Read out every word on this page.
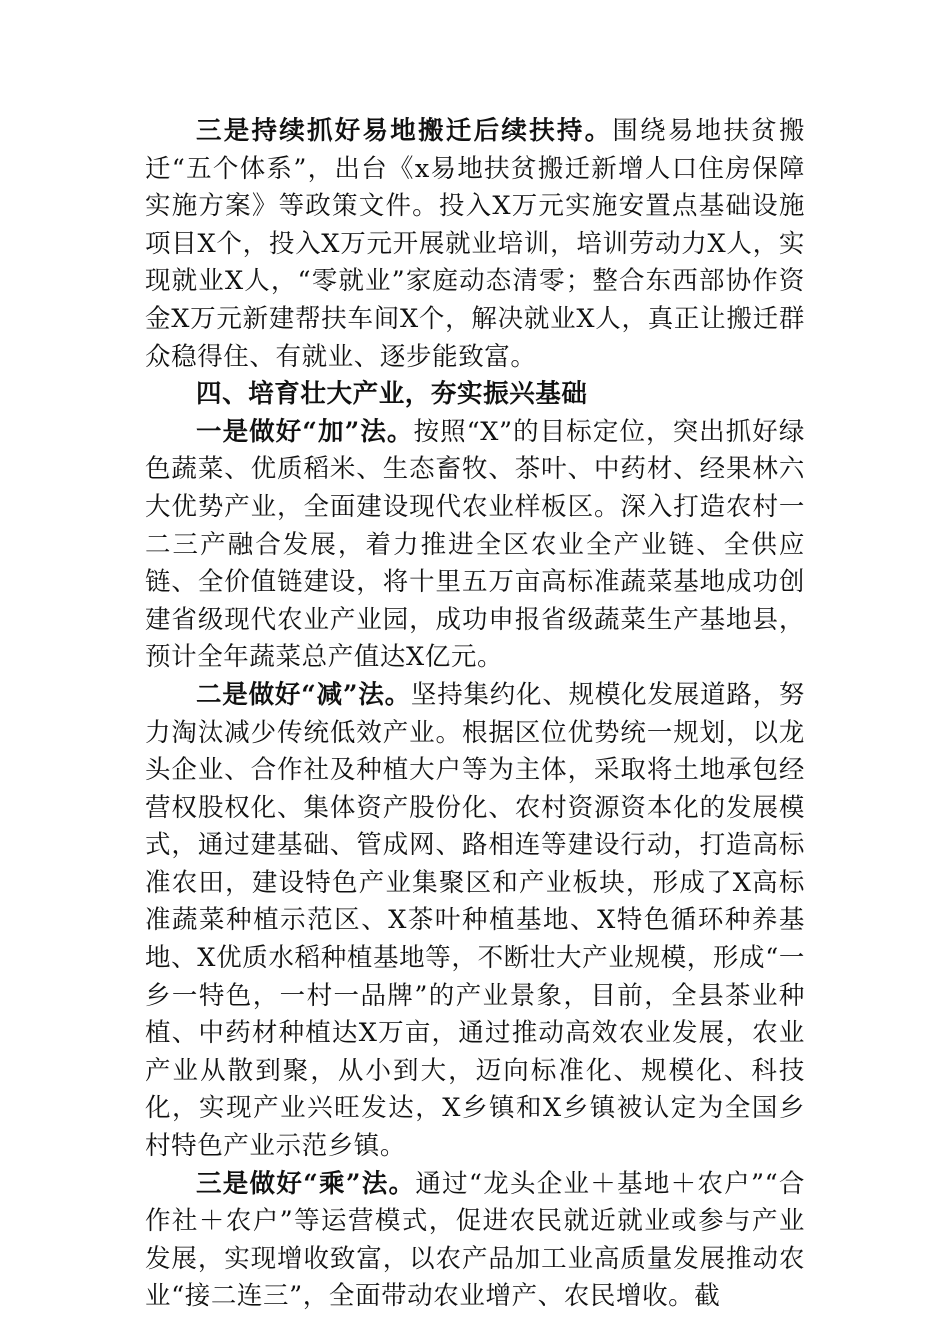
三是持续抓好易地搬迁后续扶持。围绕易地扶贫搬迁“五个体系”，出台《x易地扶贫搬迁新增人口住房保障实施方案》等政策文件。投入X万元实施安置点基础设施项目X个，投入X万元开展就业培训，培训劳动力X人，实现就业X人，“零就业”家庭动态清零；整合东西部协作资金X万元新建帮扶车间X个，解决就业X人，真正让搬迁群众稳得住、有就业、逐步能致富。

四、培育壮大产业，夯实振兴基础

一是做好“加”法。按照“X”的目标定位，突出抓好绿色蔬菜、优质稻米、生态畜牧、茶叶、中药材、经果林六大优势产业，全面建设现代农业样板区。深入打造农村一二三产融合发展，着力推进全区农业全产业链、全供应链、全价值链建设，将十里五万亩高标准蔬菜基地成功创建省级现代农业产业园，成功申报省级蔬菜生产基地县，预计全年蔬菜总产值达X亿元。

二是做好“减”法。坚持集约化、规模化发展道路，努力淘汰减少传统低效产业。根据区位优势统一规划，以龙头企业、合作社及种植大户等为主体，采取将土地承包经营权股权化、集体资产股份化、农村资源资本化的发展模式，通过建基础、管成网、路相连等建设行动，打造高标准农田，建设特色产业集聚区和产业板块，形成了X高标准蔬菜种植示范区、X茶叶种植基地、X特色循环种养基地、X优质水稻种植基地等，不断壮大产业规模，形成“一乡一特色，一村一品牌”的产业景象，目前，全县茶业种植、中药材种植达X万亩，通过推动高效农业发展，农业产业从散到聚，从小到大，迈向标准化、规模化、科技化，实现产业兴旺发达，X乡镇和X乡镇被认定为全国乡村特色产业示范乡镇。

三是做好“乘”法。通过“龙头企业＋基地＋农户”“合作社＋农户”等运营模式，促进农民就近就业或参与产业发展，实现增收致富，以农产品加工业高质量发展推动农业“接二连三”，全面带动农业增产、农民增收。截
